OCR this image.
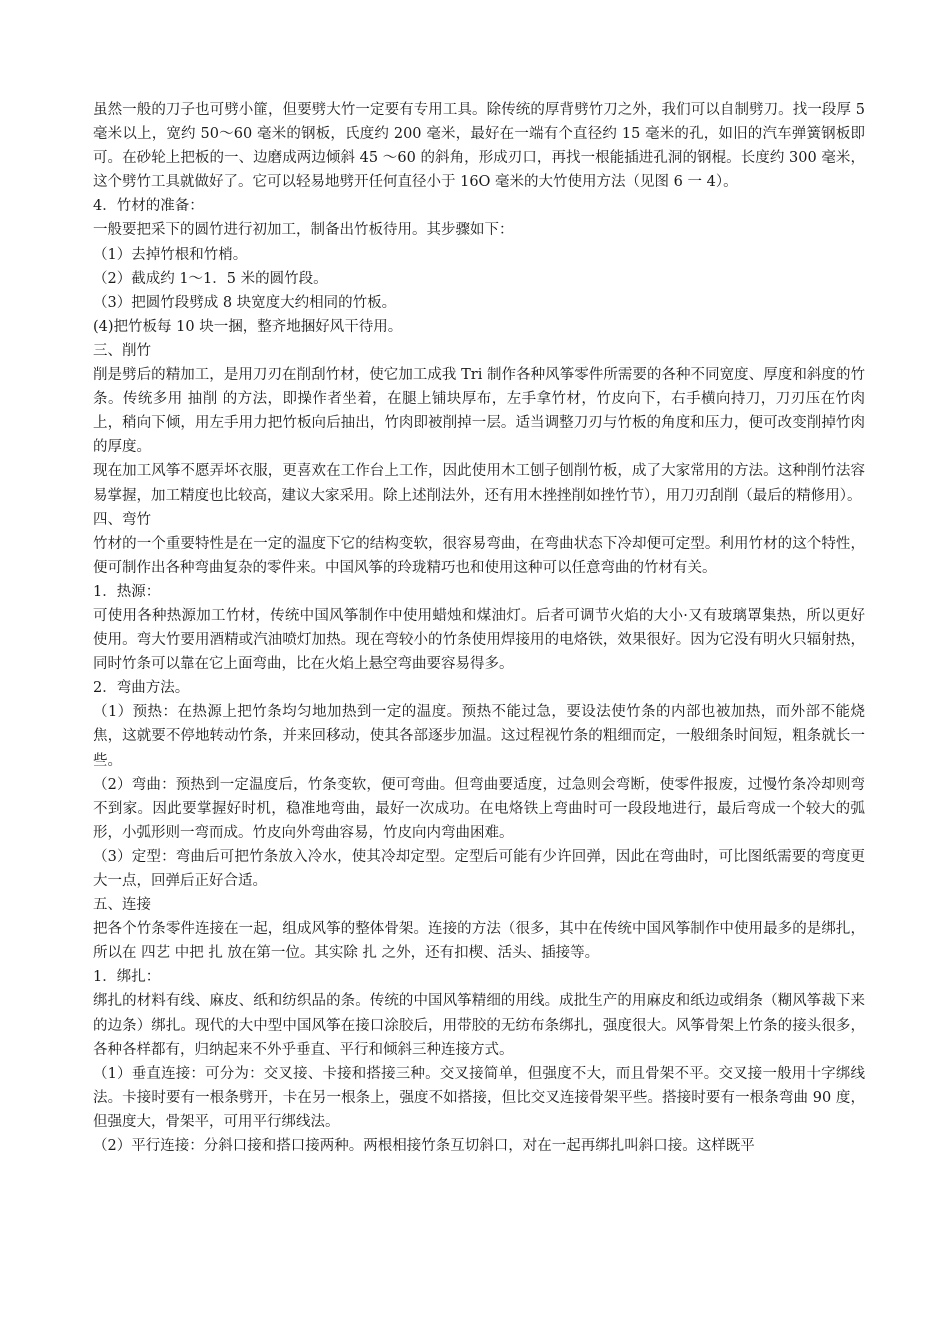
虽然一般的刀子也可劈小篚，但要劈大竹一定要有专用工具。除传统的厚背劈竹刀之外，我们可以自制劈刀。找一段厚 5 毫米以上，宽约 50～60 毫米的钢板，氏度约 200 毫米，最好在一端有个直径约 15 毫米的孔，如旧的汽车弹簧钢板即可。在砂轮上把板的一、边磨成两边倾斜 45 ～60 的斜角，形成刃口，再找一根能插进孔洞的钢棍。长度约 300 毫米，这个劈竹工具就做好了。它可以轻易地劈开任何直径小于 16O 毫米的大竹使用方法（见图 6 一 4）。

4．竹材的准备：

一般要把采下的圆竹进行初加工，制备出竹板待用。其步骤如下：

（1）去掉竹根和竹梢。

（2）截成约 1～1．5 米的圆竹段。

（3）把圆竹段劈成 8 块宽度大约相同的竹板。

(4)把竹板每 10 块一捆，整齐地捆好风干待用。

三、削竹

削是劈后的精加工，是用刀刃在削刮竹材，使它加工成我 Tri 制作各种风筝零件所需要的各种不同宽度、厚度和斜度的竹条。传统多用 抽削 的方法，即操作者坐着，在腿上铺块厚布，左手拿竹材，竹皮向下，右手横向持刀，刀刃压在竹肉上，稍向下倾，用左手用力把竹板向后抽出，竹肉即被削掉一层。适当调整刀刃与竹板的角度和压力，便可改变削掉竹肉的厚度。

现在加工风筝不愿弄坏衣服，更喜欢在工作台上工作，因此使用木工刨子刨削竹板，成了大家常用的方法。这种削竹法容易掌握，加工精度也比较高，建议大家采用。除上述削法外，还有用木挫挫削如挫竹节），用刀刃刮削（最后的精修用）。

四、弯竹

竹材的一个重要特性是在一定的温度下它的结构变软，很容易弯曲，在弯曲状态下冷却便可定型。利用竹材的这个特性，便可制作出各种弯曲复杂的零件来。中国风筝的玲珑精巧也和使用这种可以任意弯曲的竹材有关。

1．热源：

可使用各种热源加工竹材，传统中国风筝制作中使用蜡烛和煤油灯。后者可调节火焰的大小·又有玻璃罩集热，所以更好使用。弯大竹要用酒精或汽油喷灯加热。现在弯较小的竹条使用焊接用的电烙铁，效果很好。因为它没有明火只辐射热，同时竹条可以靠在它上面弯曲，比在火焰上悬空弯曲要容易得多。

2．弯曲方法。

（1）预热：在热源上把竹条均匀地加热到一定的温度。预热不能过急，要设法使竹条的内部也被加热，而外部不能烧焦，这就要不停地转动竹条，并来回移动，使其各部逐步加温。这过程视竹条的粗细而定，一般细条时间短，粗条就长一些。

（2）弯曲：预热到一定温度后，竹条变软，便可弯曲。但弯曲要适度，过急则会弯断，使零件报废，过慢竹条冷却则弯不到家。因此要掌握好时机，稳准地弯曲，最好一次成功。在电烙铁上弯曲时可一段段地进行，最后弯成一个较大的弧形，小弧形则一弯而成。竹皮向外弯曲容易，竹皮向内弯曲困难。

（3）定型：弯曲后可把竹条放入冷水，使其冷却定型。定型后可能有少许回弹，因此在弯曲时，可比图纸需要的弯度更大一点，回弹后正好合适。

五、连接

把各个竹条零件连接在一起，组成风筝的整体骨架。连接的方法（很多，其中在传统中国风筝制作中使用最多的是绑扎，所以在 四艺 中把 扎 放在第一位。其实除 扎 之外，还有扣楔、活头、插接等。

1．绑扎：

绑扎的材料有线、麻皮、纸和纺织品的条。传统的中国风筝精细的用线。成批生产的用麻皮和纸边或绢条（糊风筝裁下来的边条）绑扎。现代的大中型中国风筝在接口涂胶后，用带胶的无纺布条绑扎，强度很大。风筝骨架上竹条的接头很多，各种各样都有，归纳起来不外乎垂直、平行和倾斜三种连接方式。

（1）垂直连接：可分为：交叉接、卡接和搭接三种。交叉接简单，但强度不大，而且骨架不平。交叉接一般用十字绑线法。卡接时要有一根条劈开，卡在另一根条上，强度不如搭接，但比交叉连接骨架平些。搭接时要有一根条弯曲 90 度，但强度大，骨架平，可用平行绑线法。

（2）平行连接：分斜口接和搭口接两种。两根相接竹条互切斜口，对在一起再绑扎叫斜口接。这样既平
